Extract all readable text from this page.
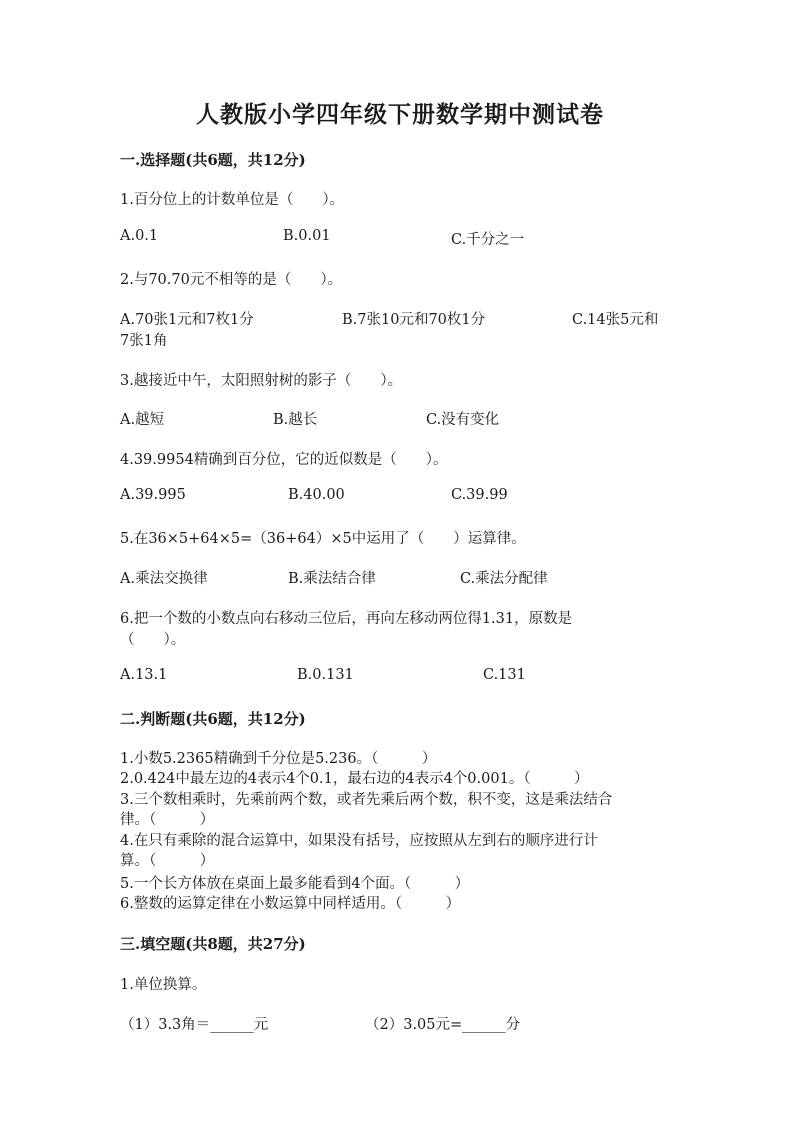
人教版小学四年级下册数学期中测试卷
一.选择题(共6题，共12分)
1.百分位上的计数单位是（　　）。
A.0.1	B.0.01	C.千分之一
2.与70.70元不相等的是（　　）。
A.70张1元和7枚1分	B.7张10元和70枚1分	C.14张5元和
7张1角
3.越接近中午，太阳照射树的影子（　　）。
A.越短	B.越长	C.没有变化
4.39.9954精确到百分位，它的近似数是（　　）。
A.39.995	B.40.00	C.39.99
5.在36×5+64×5=（36+64）×5中运用了（　　）运算律。
A.乘法交换律	B.乘法结合律	C.乘法分配律
6.把一个数的小数点向右移动三位后，再向左移动两位得1.31，原数是
（　　）。
A.13.1	B.0.131	C.131
二.判断题(共6题，共12分)
1.小数5.2365精确到千分位是5.236。（　　　）
2.0.424中最左边的4表示4个0.1，最右边的4表示4个0.001。（　　　）
3.三个数相乘时，先乘前两个数，或者先乘后两个数，积不变，这是乘法结合
律。（　　　）
4.在只有乘除的混合运算中，如果没有括号，应按照从左到右的顺序进行计
算。（　　　）
5.一个长方体放在桌面上最多能看到4个面。（　　　）
6.整数的运算定律在小数运算中同样适用。（　　　）
三.填空题(共8题，共27分)
1.单位换算。
（1）3.3角＝______元	（2）3.05元=______分
